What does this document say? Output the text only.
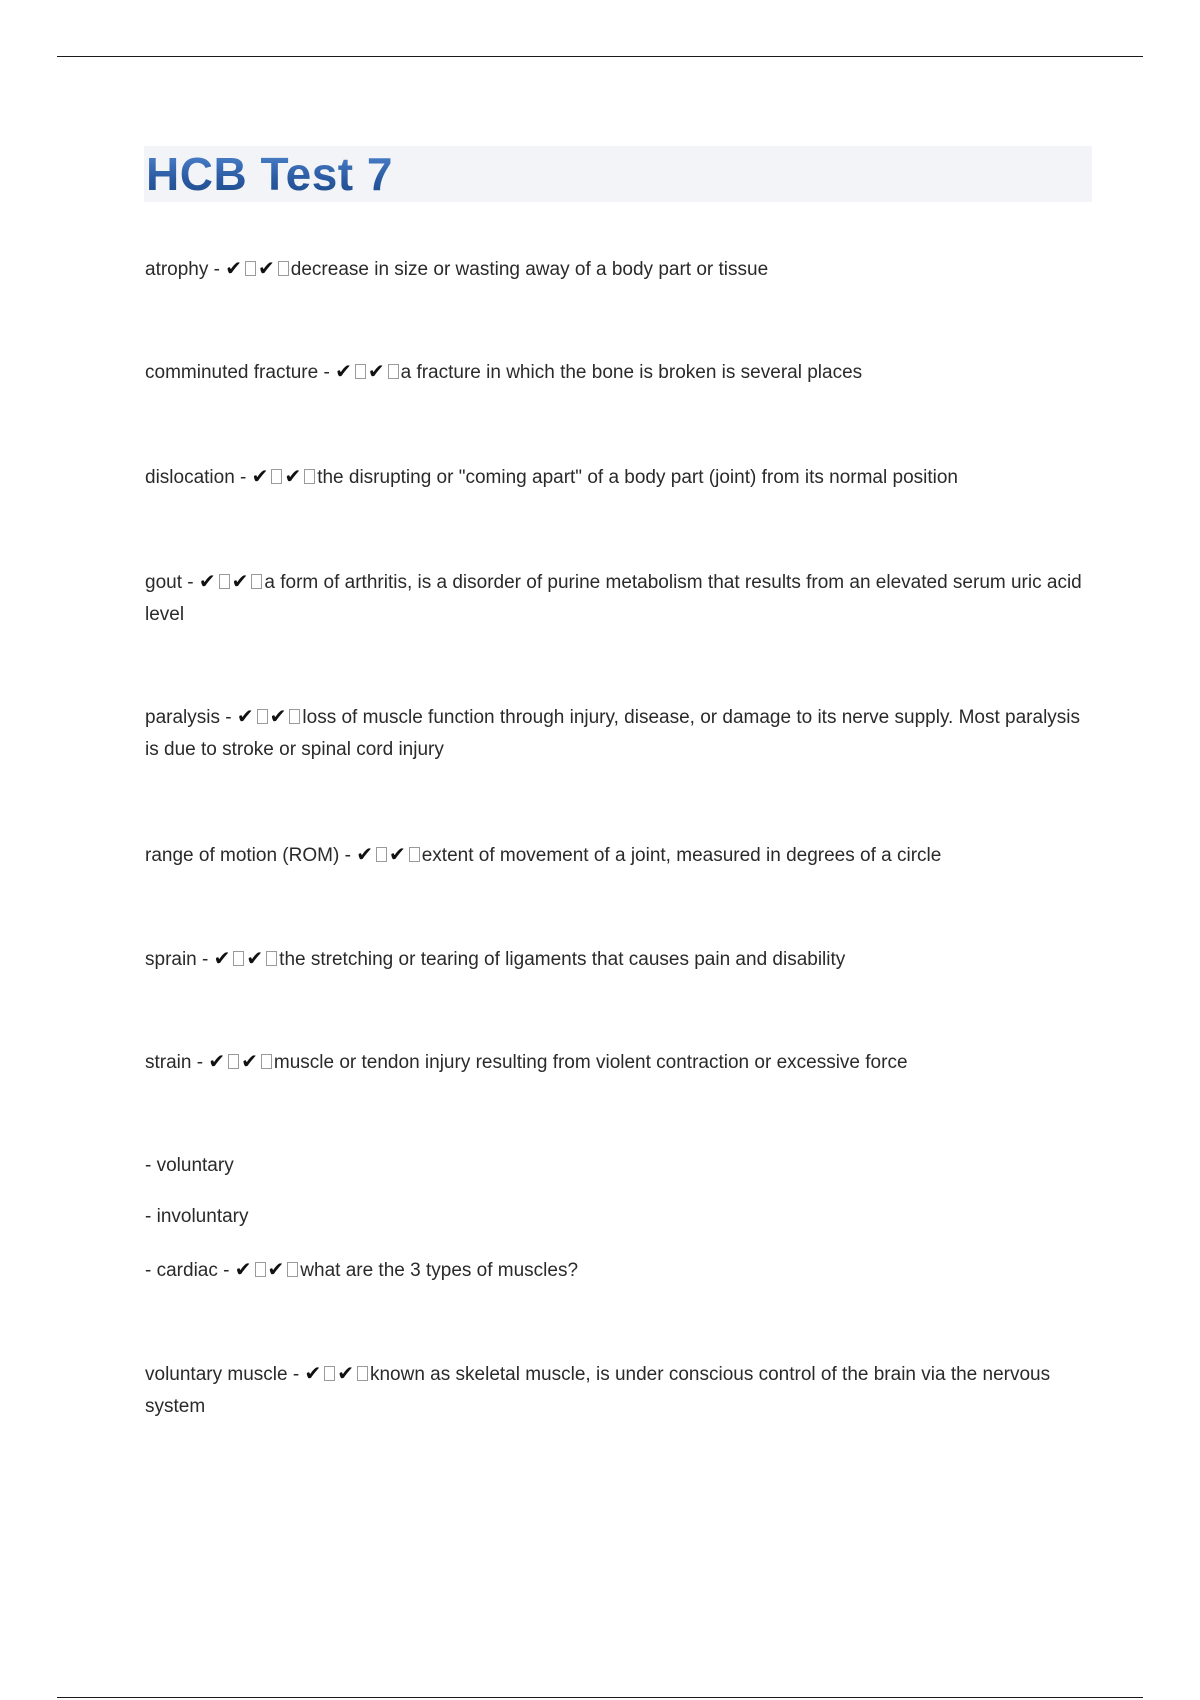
HCB Test 7
atrophy - ✔ ✔ decrease in size or wasting away of a body part or tissue
comminuted fracture - ✔ ✔ a fracture in which the bone is broken is several places
dislocation - ✔ ✔ the disrupting or "coming apart" of a body part (joint) from its normal position
gout - ✔ ✔ a form of arthritis, is a disorder of purine metabolism that results from an elevated serum uric acid level
paralysis - ✔ ✔ loss of muscle function through injury, disease, or damage to its nerve supply. Most paralysis is due to stroke or spinal cord injury
range of motion (ROM) - ✔ ✔ extent of movement of a joint, measured in degrees of a circle
sprain - ✔ ✔ the stretching or tearing of ligaments that causes pain and disability
strain - ✔ ✔ muscle or tendon injury resulting from violent contraction or excessive force
- voluntary
- involuntary
- cardiac - ✔ ✔ what are the 3 types of muscles?
voluntary muscle - ✔ ✔ known as skeletal muscle, is under conscious control of the brain via the nervous system
